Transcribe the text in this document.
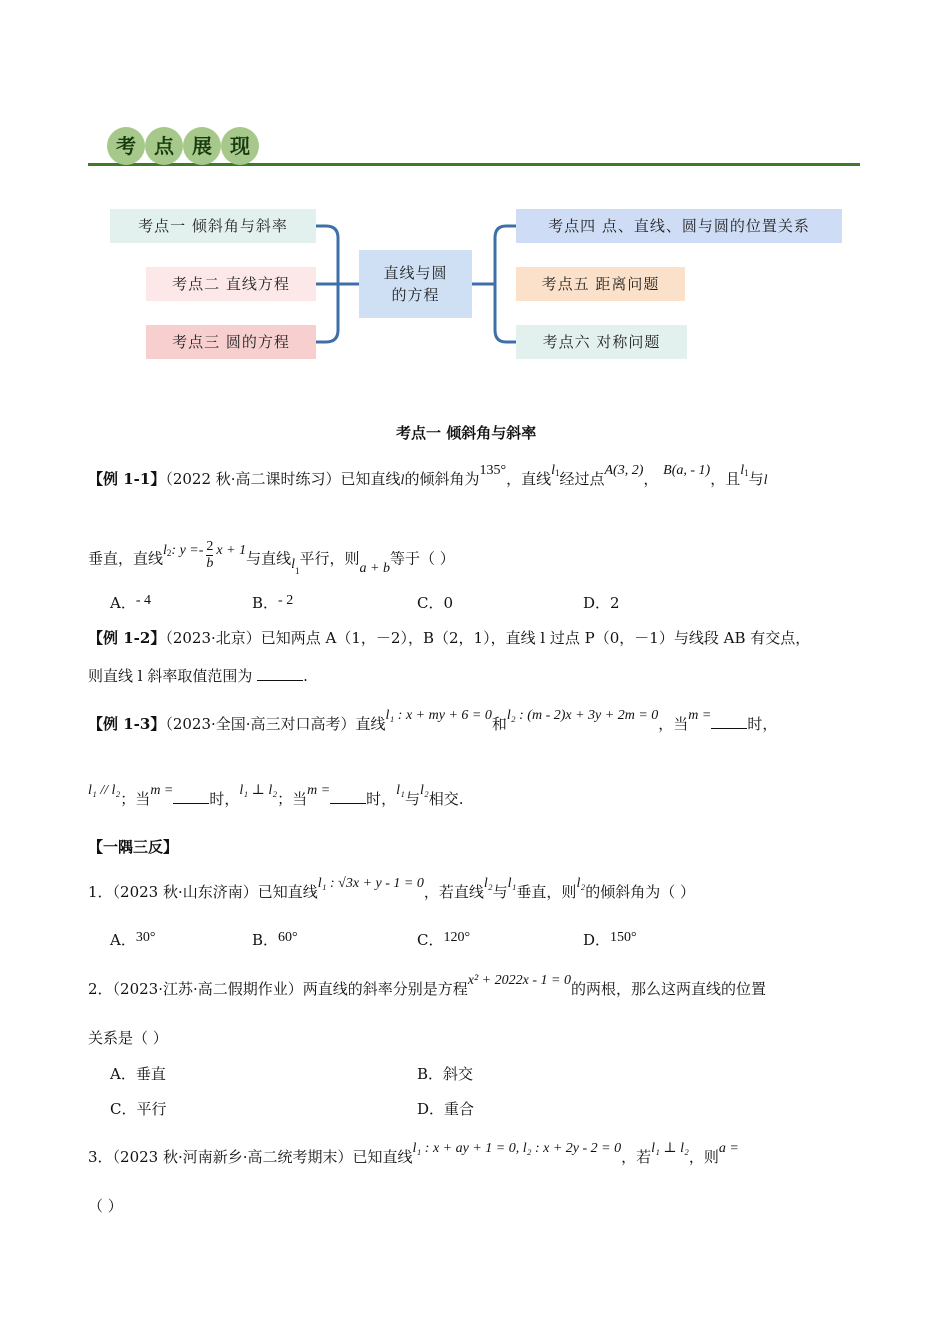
考 点 展 现
考点一 倾斜角与斜率
考点二 直线方程
考点三 圆的方程
直线与圆
的方程
考点四 点、直线、圆与圆的位置关系
考点五 距离问题
考点六 对称问题
考点一 倾斜角与斜率
【例 1-1】（2022 秋·高二课时练习）已知直线l的倾斜角为135°，直线$l_1$经过点A(3, 2)， B(a, - 1)，且$l_1$与l
垂直，直线$l_2$: $y =- \frac{2}{b}$ x + 1与直线$l_1$平行，则a + b等于（ ）
A．- 4	B．- 2	C．0	D．2
【例 1-2】（2023·北京）已知两点 A（1，－2），B（2，1），直线 l 过点 P（0，－1）与线段 AB 有交点，
则直线 l 斜率取值范围为	.
【例 1-3】（2023·全国·高三对口高考）直线l₁ : x + my + 6 = 0和l₂ : (m - 2)x + 3y + 2m = 0，当m = 时，
l₁ // l₂；当m = 时，l₁ ⊥ l₂；当m = 时，l₁与l₂相交.
【一隅三反】
1．（2023 秋·山东济南）已知直线l₁ : √3x + y - 1 = 0，若直线l₂与l₁垂直，则l₂的倾斜角为（ ）
A．30°	B．60°	C．120°	D．150°
2．（2023·江苏·高二假期作业）两直线的斜率分别是方程x² + 2022x - 1 = 0的两根，那么这两直线的位置
关系是（ ）
A．垂直	B．斜交
C．平行	D．重合
3．（2023 秋·河南新乡·高二统考期末）已知直线l₁ : x + ay + 1 = 0, l₂ : x + 2y - 2 = 0，若l₁ ⊥ l₂，则a =
（ ）
